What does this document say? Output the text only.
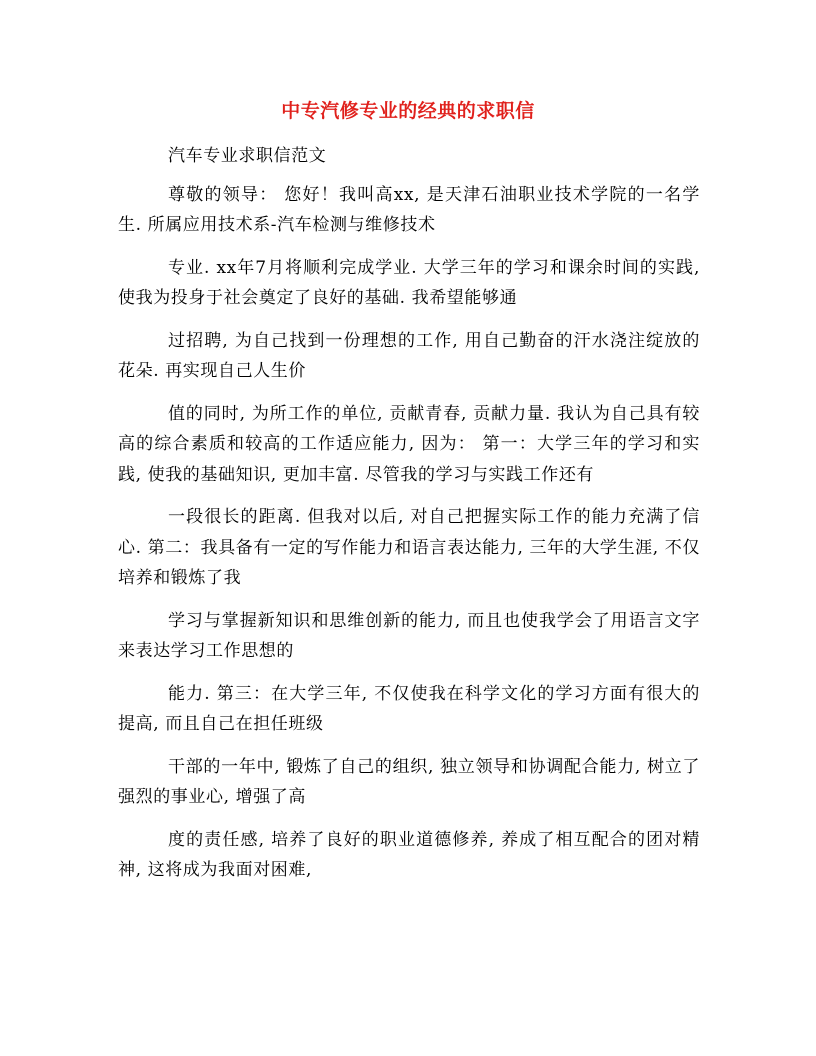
中专汽修专业的经典的求职信

汽车专业求职信范文

尊敬的领导： 您好！我叫高xx, 是天津石油职业技术学院的一名学生. 所属应用技术系-汽车检测与维修技术

专业. xx年7月将顺利完成学业. 大学三年的学习和课余时间的实践, 使我为投身于社会奠定了良好的基础. 我希望能够通

过招聘, 为自己找到一份理想的工作, 用自己勤奋的汗水浇注绽放的花朵. 再实现自己人生价

值的同时, 为所工作的单位, 贡献青春, 贡献力量. 我认为自己具有较高的综合素质和较高的工作适应能力, 因为： 第一：大学三年的学习和实践, 使我的基础知识, 更加丰富. 尽管我的学习与实践工作还有

一段很长的距离. 但我对以后, 对自己把握实际工作的能力充满了信心. 第二：我具备有一定的写作能力和语言表达能力, 三年的大学生涯, 不仅培养和锻炼了我

学习与掌握新知识和思维创新的能力, 而且也使我学会了用语言文字来表达学习工作思想的

能力. 第三：在大学三年, 不仅使我在科学文化的学习方面有很大的提高, 而且自己在担任班级

干部的一年中, 锻炼了自己的组织, 独立领导和协调配合能力, 树立了强烈的事业心, 增强了高

度的责任感, 培养了良好的职业道德修养, 养成了相互配合的团对精神, 这将成为我面对困难,
